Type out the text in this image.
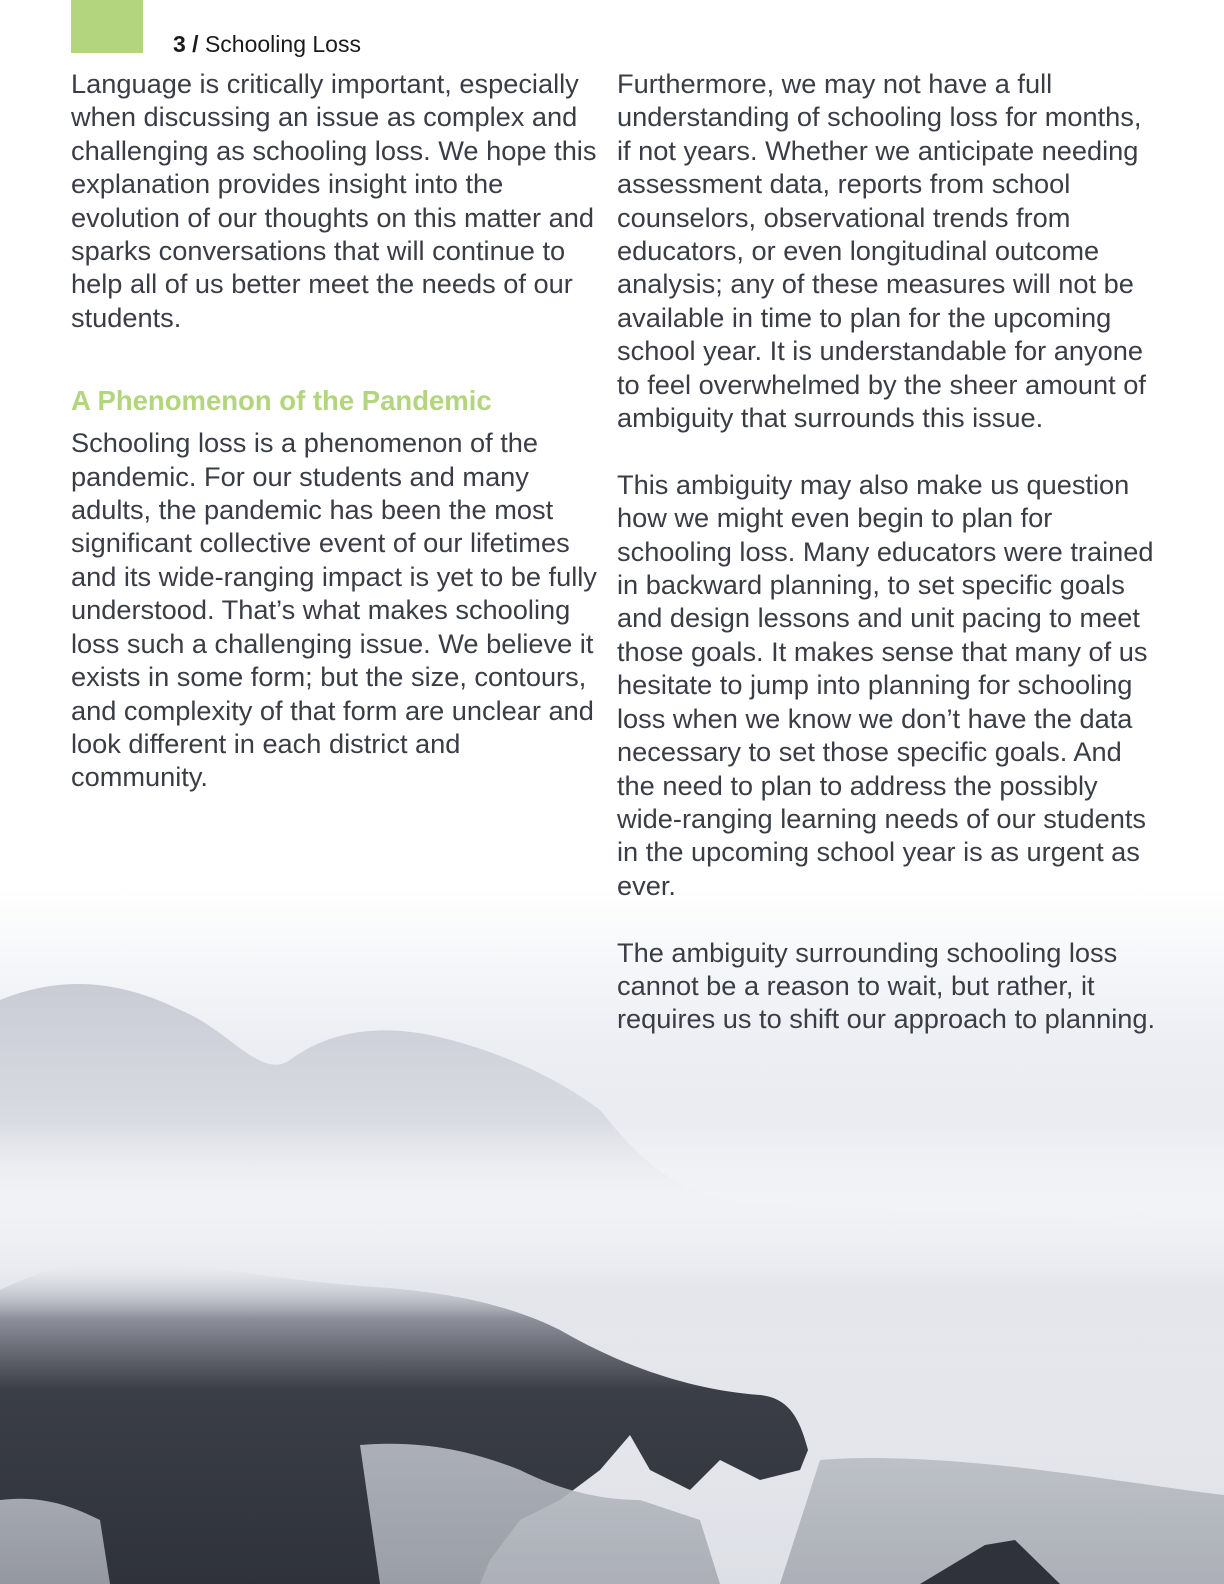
3 / Schooling Loss

Language is critically important, especially when discussing an issue as complex and challenging as schooling loss. We hope this explanation provides insight into the evolution of our thoughts on this matter and sparks conversations that will continue to help all of us better meet the needs of our students.

A Phenomenon of the Pandemic

Schooling loss is a phenomenon of the pandemic. For our students and many adults, the pandemic has been the most significant collective event of our lifetimes and its wide-ranging impact is yet to be fully understood. That’s what makes schooling loss such a challenging issue. We believe it exists in some form; but the size, contours, and complexity of that form are unclear and look different in each district and community.

Furthermore, we may not have a full understanding of schooling loss for months, if not years. Whether we anticipate needing assessment data, reports from school counselors, observational trends from educators, or even longitudinal outcome analysis; any of these measures will not be available in time to plan for the upcoming school year. It is understandable for anyone to feel overwhelmed by the sheer amount of ambiguity that surrounds this issue.

This ambiguity may also make us question how we might even begin to plan for schooling loss. Many educators were trained in backward planning, to set specific goals and design lessons and unit pacing to meet those goals. It makes sense that many of us hesitate to jump into planning for schooling loss when we know we don’t have the data necessary to set those specific goals. And the need to plan to address the possibly wide-ranging learning needs of our students in the upcoming school year is as urgent as ever.

The ambiguity surrounding schooling loss cannot be a reason to wait, but rather, it requires us to shift our approach to planning.
